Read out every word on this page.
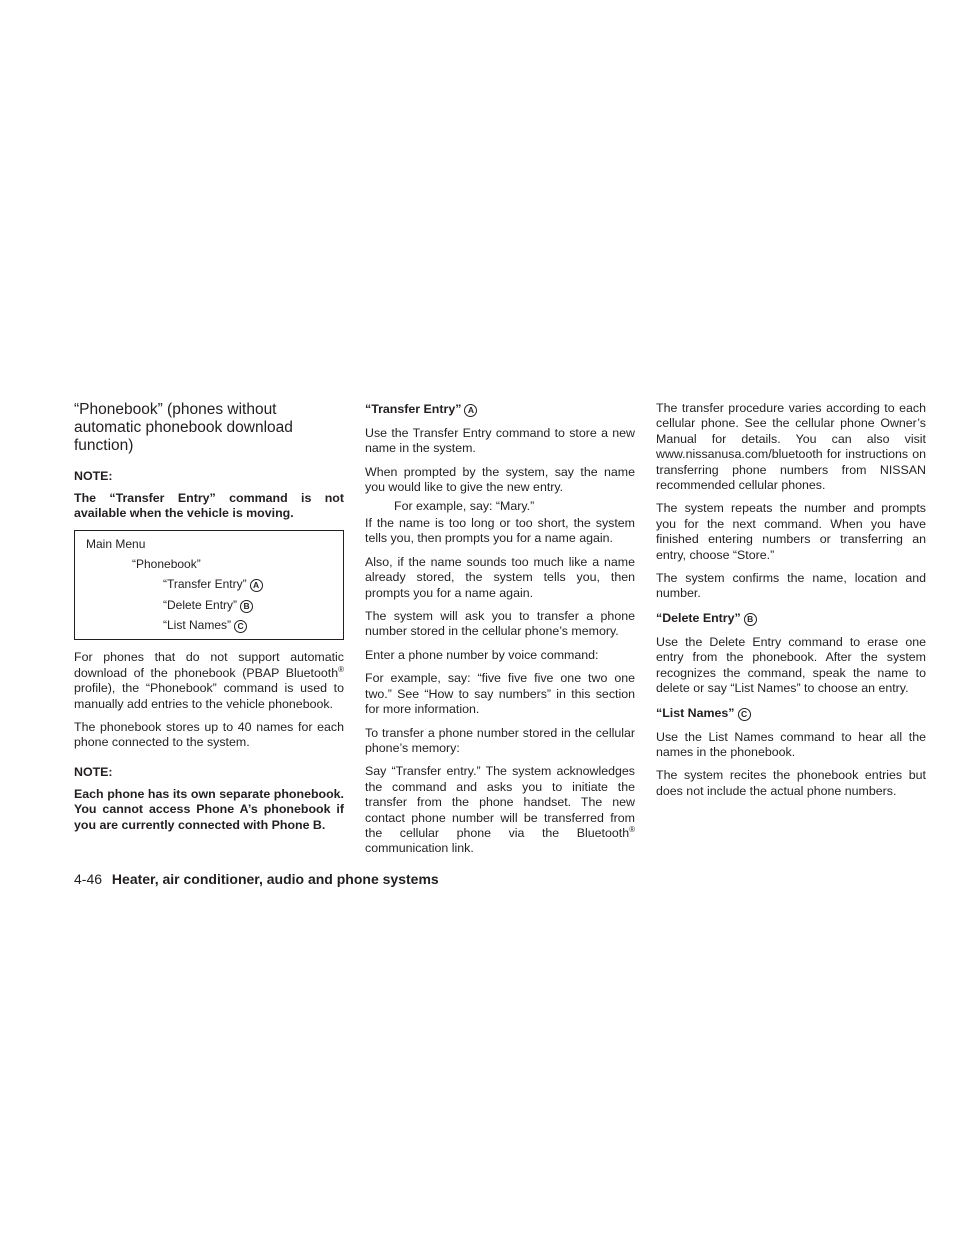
“Phonebook” (phones without automatic phonebook download function)
NOTE:

The “Transfer Entry” command is not available when the vehicle is moving.

Main Menu
“Phonebook”
“Transfer Entry” A
“Delete Entry” B
“List Names” C

For phones that do not support automatic download of the phonebook (PBAP Bluetooth® profile), the “Phonebook” command is used to manually add entries to the vehicle phonebook.

The phonebook stores up to 40 names for each phone connected to the system.

NOTE:

Each phone has its own separate phonebook. You cannot access Phone A’s phonebook if you are currently connected with Phone B.

“Transfer Entry” A

Use the Transfer Entry command to store a new name in the system.

When prompted by the system, say the name you would like to give the new entry.

For example, say: “Mary.”

If the name is too long or too short, the system tells you, then prompts you for a name again.

Also, if the name sounds too much like a name already stored, the system tells you, then prompts you for a name again.

The system will ask you to transfer a phone number stored in the cellular phone’s memory.

Enter a phone number by voice command:

For example, say: “five five five one two one two.” See “How to say numbers” in this section for more information.

To transfer a phone number stored in the cellular phone’s memory:

Say “Transfer entry.” The system acknowledges the command and asks you to initiate the transfer from the phone handset. The new contact phone number will be transferred from the cellular phone via the Bluetooth® communication link.

The transfer procedure varies according to each cellular phone. See the cellular phone Owner’s Manual for details. You can also visit www.nissanusa.com/bluetooth for instructions on transferring phone numbers from NISSAN recommended cellular phones.

The system repeats the number and prompts you for the next command. When you have finished entering numbers or transferring an entry, choose “Store.”

The system confirms the name, location and number.

“Delete Entry” B

Use the Delete Entry command to erase one entry from the phonebook. After the system recognizes the command, speak the name to delete or say “List Names” to choose an entry.

“List Names” C

Use the List Names command to hear all the names in the phonebook.

The system recites the phonebook entries but does not include the actual phone numbers.

4-46 Heater, air conditioner, audio and phone systems
